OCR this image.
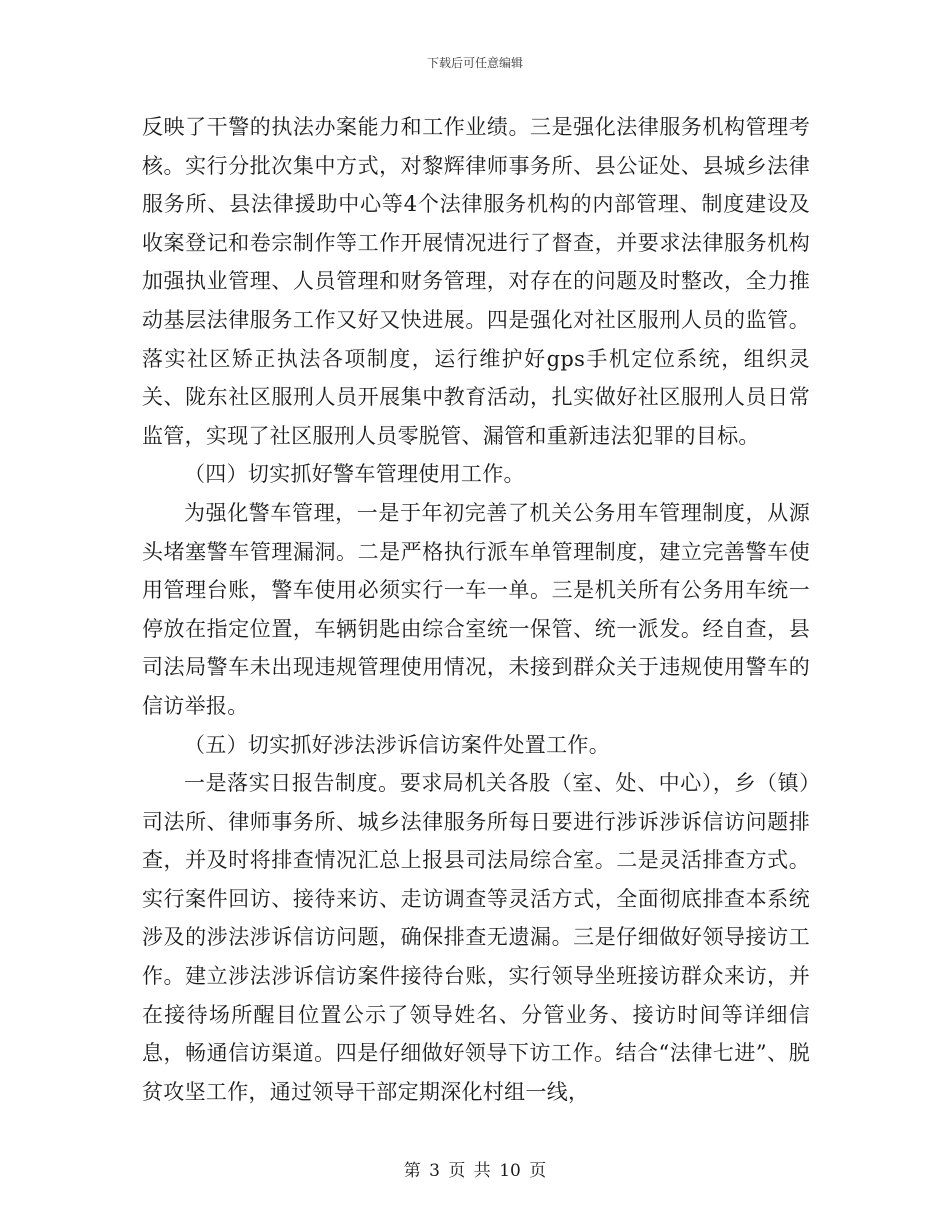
下载后可任意编辑

反映了干警的执法办案能力和工作业绩。三是强化法律服务机构管理考核。实行分批次集中方式，对黎辉律师事务所、县公证处、县城乡法律服务所、县法律援助中心等4个法律服务机构的内部管理、制度建设及收案登记和卷宗制作等工作开展情况进行了督查，并要求法律服务机构加强执业管理、人员管理和财务管理，对存在的问题及时整改，全力推动基层法律服务工作又好又快进展。四是强化对社区服刑人员的监管。落实社区矫正执法各项制度，运行维护好gps手机定位系统，组织灵关、陇东社区服刑人员开展集中教育活动，扎实做好社区服刑人员日常监管，实现了社区服刑人员零脱管、漏管和重新违法犯罪的目标。

（四）切实抓好警车管理使用工作。

为强化警车管理，一是于年初完善了机关公务用车管理制度，从源头堵塞警车管理漏洞。二是严格执行派车单管理制度，建立完善警车使用管理台账，警车使用必须实行一车一单。三是机关所有公务用车统一停放在指定位置，车辆钥匙由综合室统一保管、统一派发。经自查，县司法局警车未出现违规管理使用情况，未接到群众关于违规使用警车的信访举报。

（五）切实抓好涉法涉诉信访案件处置工作。

一是落实日报告制度。要求局机关各股（室、处、中心），乡（镇）司法所、律师事务所、城乡法律服务所每日要进行涉诉涉诉信访问题排查，并及时将排查情况汇总上报县司法局综合室。二是灵活排查方式。实行案件回访、接待来访、走访调查等灵活方式，全面彻底排查本系统涉及的涉法涉诉信访问题，确保排查无遗漏。三是仔细做好领导接访工作。建立涉法涉诉信访案件接待台账，实行领导坐班接访群众来访，并在接待场所醒目位置公示了领导姓名、分管业务、接访时间等详细信息，畅通信访渠道。四是仔细做好领导下访工作。结合“法律七进”、脱贫攻坚工作，通过领导干部定期深化村组一线，

第 3 页 共 10 页
